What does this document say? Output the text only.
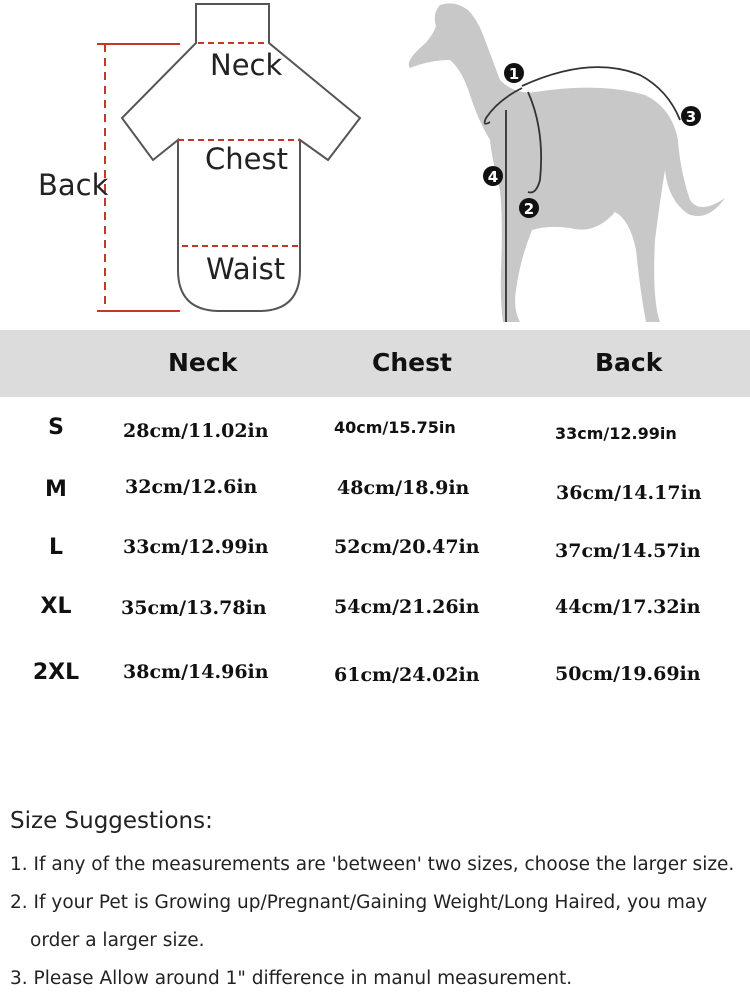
1
2
3
4
Back
Neck
Chest
Waist
Neck	Chest	Back
S	28cm/11.02in	40cm/15.75in	33cm/12.99in
M	32cm/12.6in	48cm/18.9in	36cm/14.17in
L	33cm/12.99in	52cm/20.47in	37cm/14.57in
XL	35cm/13.78in	54cm/21.26in	44cm/17.32in
2XL	38cm/14.96in	61cm/24.02in	50cm/19.69in
Size Suggestions:
1. If any of the measurements are 'between' two sizes, choose the larger size.
2. If your Pet is Growing up/Pregnant/Gaining Weight/Long Haired, you may
order a larger size.
3. Please Allow around 1" difference in manul measurement.
